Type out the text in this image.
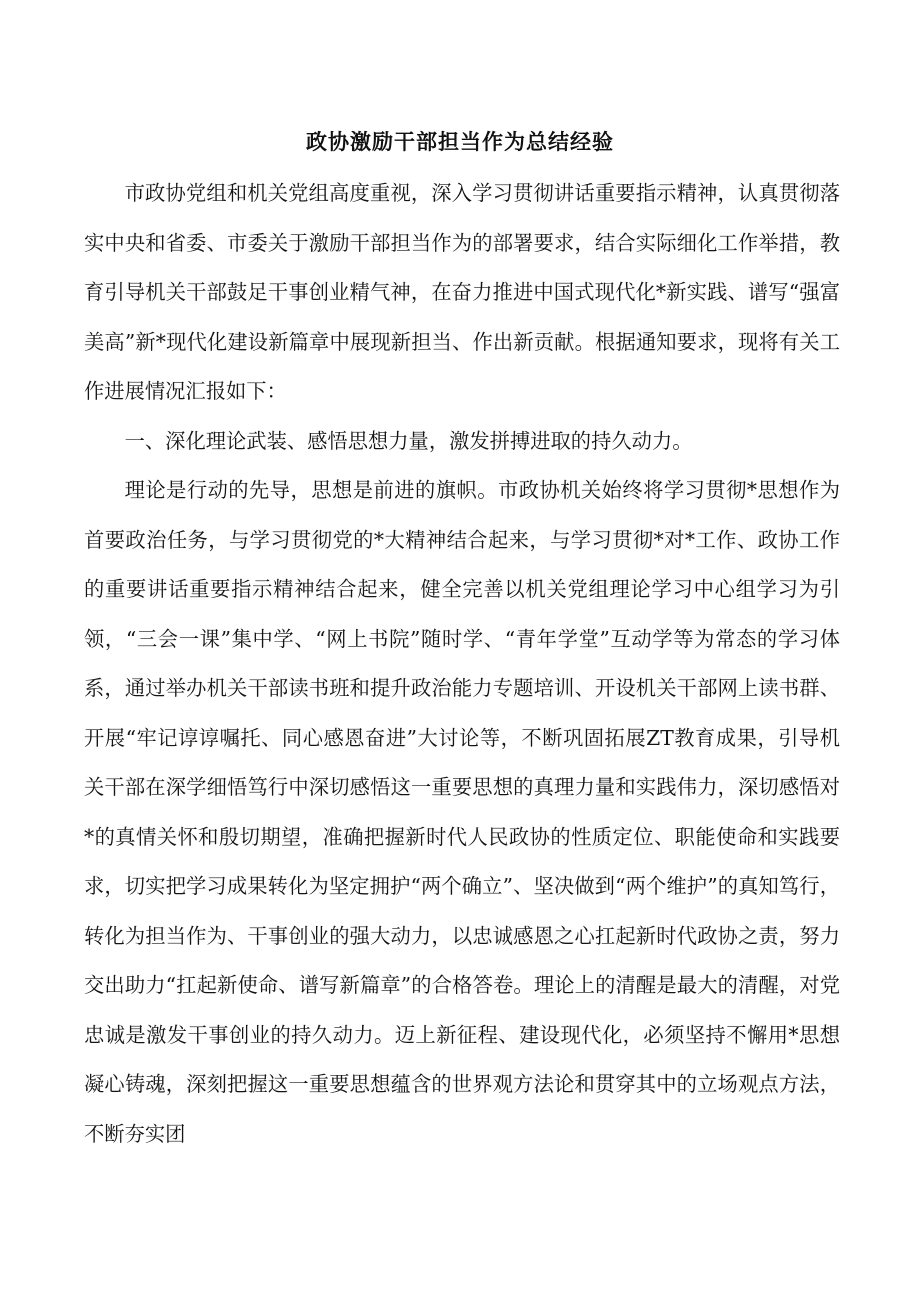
政协激励干部担当作为总结经验

市政协党组和机关党组高度重视，深入学习贯彻讲话重要指示精神，认真贯彻落实中央和省委、市委关于激励干部担当作为的部署要求，结合实际细化工作举措，教育引导机关干部鼓足干事创业精气神，在奋力推进中国式现代化*新实践、谱写“强富美高”新*现代化建设新篇章中展现新担当、作出新贡献。根据通知要求，现将有关工作进展情况汇报如下：

一、深化理论武装、感悟思想力量，激发拼搏进取的持久动力。

理论是行动的先导，思想是前进的旗帜。市政协机关始终将学习贯彻*思想作为首要政治任务，与学习贯彻党的*大精神结合起来，与学习贯彻*对*工作、政协工作的重要讲话重要指示精神结合起来，健全完善以机关党组理论学习中心组学习为引领，“三会一课”集中学、“网上书院”随时学、“青年学堂”互动学等为常态的学习体系，通过举办机关干部读书班和提升政治能力专题培训、开设机关干部网上读书群、开展“牢记谆谆嘱托、同心感恩奋进”大讨论等，不断巩固拓展ZT教育成果，引导机关干部在深学细悟笃行中深切感悟这一重要思想的真理力量和实践伟力，深切感悟对*的真情关怀和殷切期望，准确把握新时代人民政协的性质定位、职能使命和实践要求，切实把学习成果转化为坚定拥护“两个确立”、坚决做到“两个维护”的真知笃行，转化为担当作为、干事创业的强大动力，以忠诚感恩之心扛起新时代政协之责，努力交出助力“扛起新使命、谱写新篇章”的合格答卷。理论上的清醒是最大的清醒，对党忠诚是激发干事创业的持久动力。迈上新征程、建设现代化，必须坚持不懈用*思想凝心铸魂，深刻把握这一重要思想蕴含的世界观方法论和贯穿其中的立场观点方法，不断夯实团
